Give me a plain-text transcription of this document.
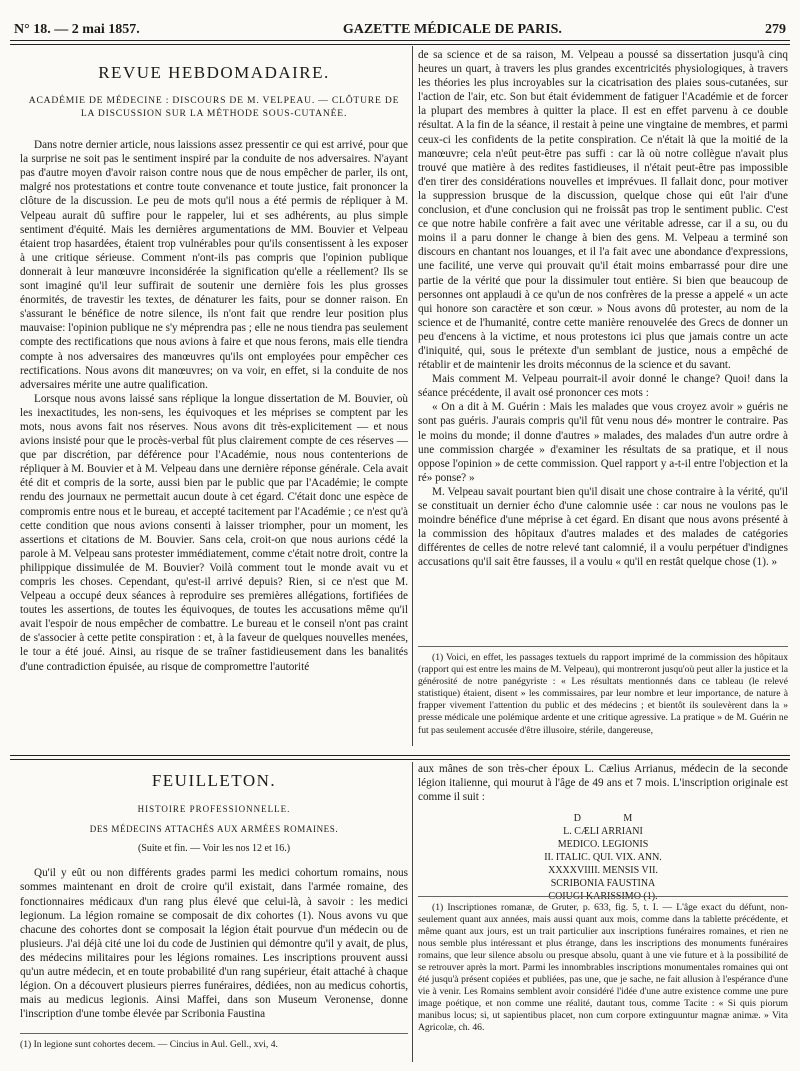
N° 18. — 2 mai 1857.	GAZETTE MÉDICALE DE PARIS.	279
REVUE HEBDOMADAIRE.
ACADÉMIE DE MÉDECINE : DISCOURS DE M. VELPEAU. — CLÔTURE DE LA DISCUSSION SUR LA MÉTHODE SOUS-CUTANÉE.

Dans notre dernier article, nous laissions assez pressentir ce qui est arrivé, pour que la surprise ne soit pas le sentiment inspiré par la conduite de nos adversaires. N'ayant pas d'autre moyen d'avoir raison contre nous que de nous empêcher de parler, ils ont, malgré nos protestations et contre toute convenance et toute justice, fait prononcer la clôture de la discussion. Le peu de mots qu'il nous a été permis de répliquer à M. Velpeau aurait dû suffire pour le rappeler, lui et ses adhérents, au plus simple sentiment d'équité. Mais les dernières argumentations de MM. Bouvier et Velpeau étaient trop hasardées, étaient trop vulnérables pour qu'ils consentissent à les exposer à une critique sérieuse. Comment n'ont-ils pas compris que l'opinion publique donnerait à leur manœuvre inconsidérée la signification qu'elle a réellement? Ils se sont imaginé qu'il leur suffirait de soutenir une dernière fois les plus grosses énormités, de travestir les textes, de dénaturer les faits, pour se donner raison. En s'assurant le bénéfice de notre silence, ils n'ont fait que rendre leur position plus mauvaise: l'opinion publique ne s'y méprendra pas ; elle ne nous tiendra pas seulement compte des rectifications que nous avions à faire et que nous ferons, mais elle tiendra compte à nos adversaires des manœuvres qu'ils ont employées pour empêcher ces rectifications. Nous avons dit manœuvres; on va voir, en effet, si la conduite de nos adversaires mérite une autre qualification.

Lorsque nous avons laissé sans réplique la longue dissertation de M. Bouvier, où les inexactitudes, les non-sens, les équivoques et les méprises se comptent par les mots, nous avons fait nos réserves. Nous avons dit très-explicitement — et nous avions insisté pour que le procès-verbal fût plus clairement compte de ces réserves — que par discrétion, par déférence pour l'Académie, nous nous contenterions de répliquer à M. Bouvier et à M. Velpeau dans une dernière réponse générale. Cela avait été dit et compris de la sorte, aussi bien par le public que par l'Académie; le compte rendu des journaux ne permettait aucun doute à cet égard. C'était donc une espèce de compromis entre nous et le bureau, et accepté tacitement par l'Académie ; ce n'est qu'à cette condition que nous avions consenti à laisser triompher, pour un moment, les assertions et citations de M. Bouvier. Sans cela, croit-on que nous aurions cédé la parole à M. Velpeau sans protester immédiatement, comme c'était notre droit, contre la philippique dissimulée de M. Bouvier? Voilà comment tout le monde avait vu et compris les choses. Cependant, qu'est-il arrivé depuis? Rien, si ce n'est que M. Velpeau a occupé deux séances à reproduire ses premières allégations, fortifiées de toutes les assertions, de toutes les équivoques, de toutes les accusations même qu'il avait l'espoir de nous empêcher de combattre. Le bureau et le conseil n'ont pas craint de s'associer à cette petite conspiration : et, à la faveur de quelques nouvelles menées, le tour a été joué. Ainsi, au risque de se traîner fastidieusement dans les banalités d'une contradiction épuisée, au risque de compromettre l'autorité

de sa science et de sa raison, M. Velpeau a poussé sa dissertation jusqu'à cinq heures un quart, à travers les plus grandes excentricités physiologiques, à travers les théories les plus incroyables sur la cicatrisation des plaies sous-cutanées, sur l'action de l'air, etc. Son but était évidemment de fatiguer l'Académie et de forcer la plupart des membres à quitter la place. Il est en effet parvenu à ce double résultat. A la fin de la séance, il restait à peine une vingtaine de membres, et parmi ceux-ci les confidents de la petite conspiration. Ce n'était là que la moitié de la manœuvre; cela n'eût peut-être pas suffi : car là où notre collègue n'avait plus trouvé que matière à des redites fastidieuses, il n'était peut-être pas impossible d'en tirer des considérations nouvelles et imprévues. Il fallait donc, pour motiver la suppression brusque de la discussion, quelque chose qui eût l'air d'une conclusion, et d'une conclusion qui ne froissât pas trop le sentiment public. C'est ce que notre habile confrère a fait avec une véritable adresse, car il a su, ou du moins il a paru donner le change à bien des gens. M. Velpeau a terminé son discours en chantant nos louanges, et il l'a fait avec une abondance d'expressions, une facilité, une verve qui prouvait qu'il était moins embarrassé pour dire une partie de la vérité que pour la dissimuler tout entière. Si bien que beaucoup de personnes ont applaudi à ce qu'un de nos confrères de la presse a appelé « un acte qui honore son caractère et son cœur. » Nous avons dû protester, au nom de la science et de l'humanité, contre cette manière renouvelée des Grecs de donner un peu d'encens à la victime, et nous protestons ici plus que jamais contre un acte d'iniquité, qui, sous le prétexte d'un semblant de justice, nous a empêché de rétablir et de maintenir les droits méconnus de la science et du savant.

Mais comment M. Velpeau pourrait-il avoir donné le change? Quoi! dans la séance précédente, il avait osé prononcer ces mots :

« On a dit à M. Guérin : Mais les malades que vous croyez avoir » guéris ne sont pas guéris. J'aurais compris qu'il fût venu nous dé» montrer le contraire. Pas le moins du monde; il donne d'autres » malades, des malades d'un autre ordre à une commission chargée » d'examiner les résultats de sa pratique, et il nous oppose l'opinion » de cette commission. Quel rapport y a-t-il entre l'objection et la ré» ponse? »

M. Velpeau savait pourtant bien qu'il disait une chose contraire à la vérité, qu'il se constituait un dernier écho d'une calomnie usée : car nous ne voulons pas le moindre bénéfice d'une méprise à cet égard. En disant que nous avons présenté à la commission des hôpitaux d'autres malades et des malades de catégories différentes de celles de notre relevé tant calomnié, il a voulu perpétuer d'indignes accusations qu'il sait être fausses, il a voulu « qu'il en restât quelque chose (1). »

(1) Voici, en effet, les passages textuels du rapport imprimé de la commission des hôpitaux (rapport qui est entre les mains de M. Velpeau), qui montreront jusqu'où peut aller la justice et la générosité de notre panégyriste : « Les résultats mentionnés dans ce tableau (le relevé statistique) étaient, disent » les commissaires, par leur nombre et leur importance, de nature à frapper vivement l'attention du public et des médecins ; et bientôt ils soulevèrent dans la » presse médicale une polémique ardente et une critique agressive. La pratique » de M. Guérin ne fut pas seulement accusée d'être illusoire, stérile, dangereuse,

FEUILLETON.
HISTOIRE PROFESSIONNELLE.
DES MÉDECINS ATTACHÉS AUX ARMÉES ROMAINES.
(Suite et fin. — Voir les nos 12 et 16.)

Qu'il y eût ou non différents grades parmi les medici cohortum romains, nous sommes maintenant en droit de croire qu'il existait, dans l'armée romaine, des fonctionnaires médicaux d'un rang plus élevé que celui-là, à savoir : les medici legionum. La légion romaine se composait de dix cohortes (1). Nous avons vu que chacune des cohortes dont se composait la légion était pourvue d'un médecin ou de plusieurs. J'ai déjà cité une loi du code de Justinien qui démontre qu'il y avait, de plus, des médecins militaires pour les légions romaines. Les inscriptions prouvent aussi qu'un autre médecin, et en toute probabilité d'un rang supérieur, était attaché à chaque légion. On a découvert plusieurs pierres funéraires, dédiées, non au medicus cohortis, mais au medicus legionis. Ainsi Maffei, dans son Museum Veronense, donne l'inscription d'une tombe élevée par Scribonia Faustina

(1) In legione sunt cohortes decem. — Cincius in Aul. Gell., xvi, 4.

aux mânes de son très-cher époux L. Cælius Arrianus, médecin de la seconde légion italienne, qui mourut à l'âge de 49 ans et 7 mois. L'inscription originale est comme il suit :

D M
L. CÆLI ARRIANI
MEDICO. LEGIONIS
II. ITALIC. QUI. VIX. ANN.
XXXXVIIII. MENSIS VII.
SCRIBONIA FAUSTINA
COIUGI KARISSIMO (1).

(1) Inscriptiones romanæ, de Gruter, p. 633, fig. 5, t. I. — L'âge exact du défunt, non-seulement quant aux années, mais aussi quant aux mois, comme dans la tablette précédente, et même quant aux jours, est un trait particulier aux inscriptions funéraires romaines, et rien ne nous semble plus intéressant et plus étrange, dans les inscriptions des monuments funéraires romains, que leur silence absolu ou presque absolu, quant à une vie future et à la possibilité de se retrouver après la mort. Parmi les innombrables inscriptions monumentales romaines qui ont été jusqu'à présent copiées et publiées, pas une, que je sache, ne fait allusion à l'espérance d'une vie à venir. Les Romains semblent avoir considéré l'idée d'une autre existence comme une pure image poétique, et non comme une réalité, dautant tous, comme Tacite : « Si quis piorum manibus locus; si, ut sapientibus placet, non cum corpore extinguuntur magnæ animæ. » Vita Agricolæ, ch. 46.
